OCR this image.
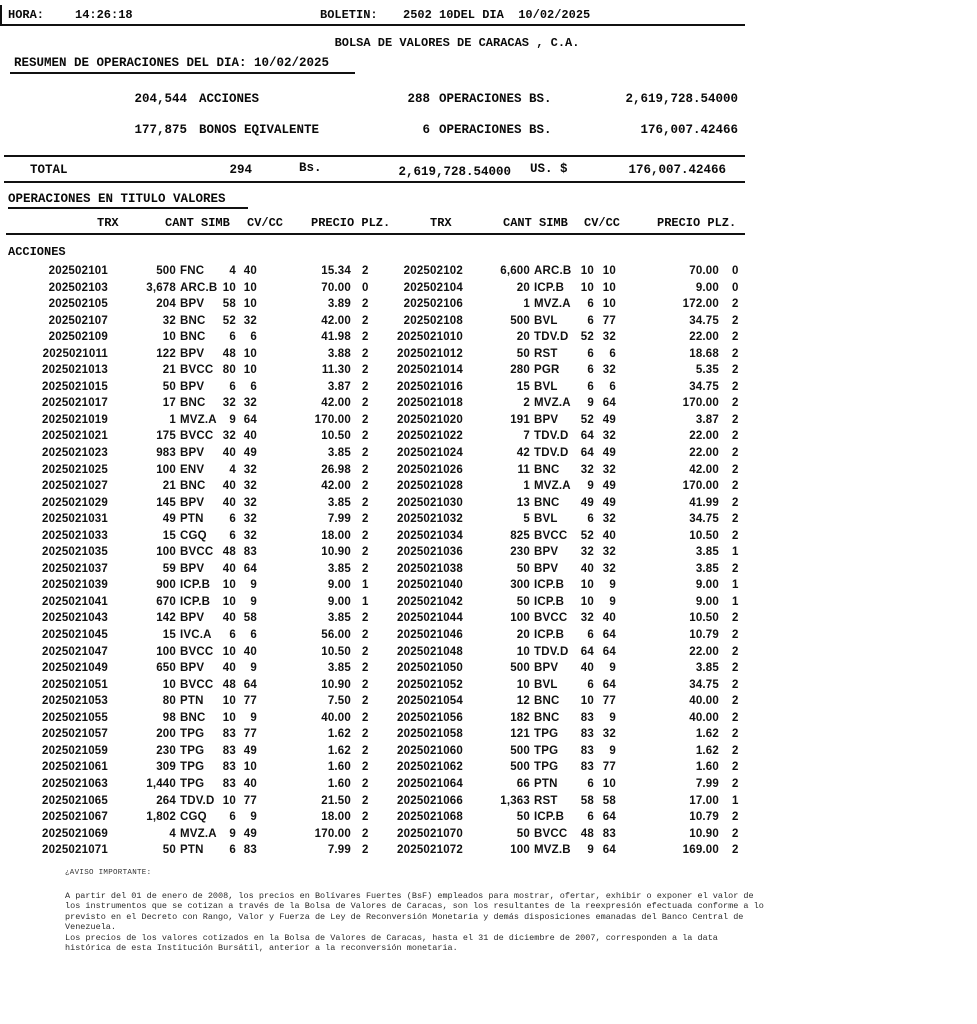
HORA:	14:26:18	BOLETIN: 2502 10DEL DIA  10/02/2025
BOLSA DE VALORES DE CARACAS , C.A.
RESUMEN DE OPERACIONES DEL DIA: 10/02/2025
204,544 ACCIONES	288 OPERACIONES BS.	2,619,728.54000
177,875 BONOS EQIVALENTE	6 OPERACIONES BS.	176,007.42466
TOTAL	294	Bs.	2,619,728.54000 US. $	176,007.42466
OPERACIONES EN TITULO VALORES
TRX	CANT SIMB CV/CC PRECIO PLZ.	TRX	CANT SIMB CV/CC	PRECIO PLZ.
ACCIONES
202502101	500 FNC	4 40	15.34 2	202502102	6,600 ARC.B 10 10	70.00	0
202502103	3,678 ARC.B 10 10	70.00 0	202502104	20 ICP.B	10 10	9.00	0
202502105	204 BPV	58 10	3.89 2	202502106	1 MVZ.A	6 10	172.00	2
202502107	32 BNC	52 32	42.00 2	202502108	500 BVL	6 77	34.75	2
202502109	10 BNC	6	6	41.98 2	2025021010	20 TDV.D	52 32	22.00	2
2025021011	122 BPV	48 10	3.88 2	2025021012	50 RST	6	6	18.68	2
2025021013	21 BVCC 80 10	11.30 2	2025021014	280 PGR	6 32	5.35	2
2025021015	50 BPV	6	6	3.87 2	2025021016	15 BVL	6	6	34.75	2
2025021017	17 BNC	32 32	42.00 2	2025021018	2 MVZ.A	9 64	170.00	2
2025021019	1 MVZ.A	9 64	170.00 2	2025021020	191 BPV	52 49	3.87	2
2025021021	175 BVCC 32 40	10.50 2	2025021022	7 TDV.D	64 32	22.00	2
2025021023	983 BPV	40 49	3.85 2	2025021024	42 TDV.D	64 49	22.00	2
2025021025	100 ENV	4 32	26.98 2	2025021026	11 BNC	32 32	42.00	2
2025021027	21 BNC	40 32	42.00 2	2025021028	1 MVZ.A	9 49	170.00	2
2025021029	145 BPV	40 32	3.85 2	2025021030	13 BNC	49 49	41.99	2
2025021031	49 PTN	6 32	7.99 2	2025021032	5 BVL	6 32	34.75	2
2025021033	15 CGQ	6 32	18.00 2	2025021034	825 BVCC	52 40	10.50	2
2025021035	100 BVCC 48 83	10.90 2	2025021036	230 BPV	32 32	3.85	1
2025021037	59 BPV	40 64	3.85 2	2025021038	50 BPV	40 32	3.85	2
2025021039	900 ICP.B	10	9	9.00 1	2025021040	300 ICP.B	10	9	9.00	1
2025021041	670 ICP.B	10	9	9.00 1	2025021042	50 ICP.B	10	9	9.00	1
2025021043	142 BPV	40 58	3.85 2	2025021044	100 BVCC	32 40	10.50	2
2025021045	15 IVC.A	6	6	56.00 2	2025021046	20 ICP.B	6 64	10.79	2
2025021047	100 BVCC 10 40	10.50 2	2025021048	10 TDV.D	64 64	22.00	2
2025021049	650 BPV	40	9	3.85 2	2025021050	500 BPV	40	9	3.85	2
2025021051	10 BVCC 48 64	10.90 2	2025021052	10 BVL	6 64	34.75	2
2025021053	80 PTN	10 77	7.50 2	2025021054	12 BNC	10 77	40.00	2
2025021055	98 BNC	10	9	40.00 2	2025021056	182 BNC	83	9	40.00	2
2025021057	200 TPG	83 77	1.62 2	2025021058	121 TPG	83 32	1.62	2
2025021059	230 TPG	83 49	1.62 2	2025021060	500 TPG	83	9	1.62	2
2025021061	309 TPG	83 10	1.60 2	2025021062	500 TPG	83 77	1.60	2
2025021063	1,440 TPG	83 40	1.60 2	2025021064	66 PTN	6 10	7.99	2
2025021065	264 TDV.D 10 77	21.50 2	2025021066	1,363 RST	58 58	17.00	1
2025021067	1,802 CGQ	6	9	18.00 2	2025021068	50 ICP.B	6 64	10.79	2
2025021069	4 MVZ.A	9 49	170.00 2	2025021070	50 BVCC	48 83	10.90	2
2025021071	50 PTN	6 83	7.99 2	2025021072	100 MVZ.B	9 64	169.00	2
¿AVISO IMPORTANTE:
A partir del 01 de enero de 2008, los precios en Bolívares Fuertes (BsF) empleados para mostrar, ofertar, exhibir o exponer el valor de
los instrumentos que se cotizan a través de la Bolsa de Valores de Caracas, son los resultantes de la reexpresión efectuada conforme a lo
previsto en el Decreto con Rango, Valor y Fuerza de Ley de Reconversión Monetaria y demás disposiciones emanadas del Banco Central de
Venezuela.
Los precios de los valores cotizados en la Bolsa de Valores de Caracas, hasta el 31 de diciembre de 2007, corresponden a la data
histórica de esta Institución Bursátil, anterior a la reconversión monetaria.
